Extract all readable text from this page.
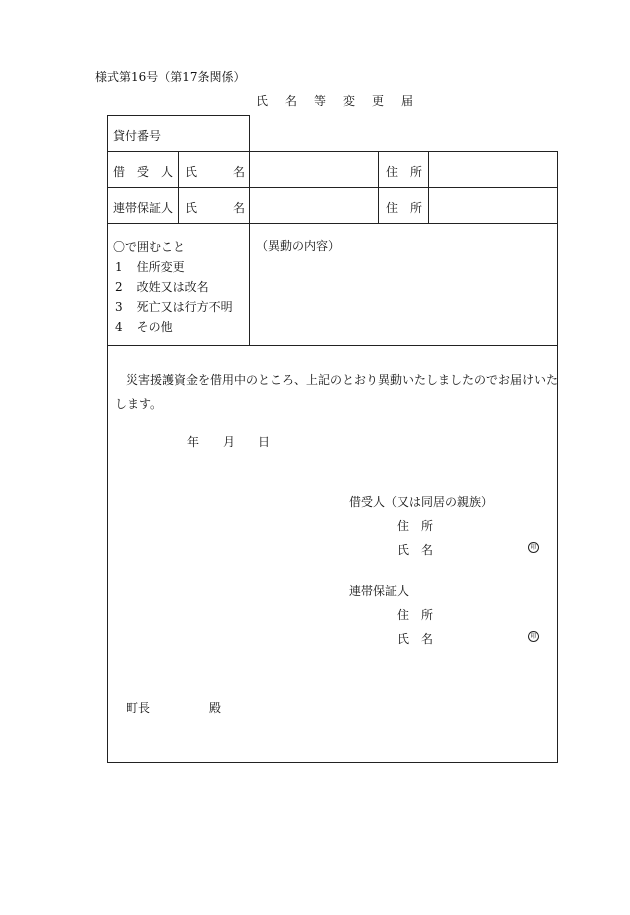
様式第16号（第17条関係）
氏 名 等 変 更 届
貸付番号
借　受　人 氏　　　名	住　所
連帯保証人 氏　　　名	住　所
〇で囲むこと
1 住所変更
2 改姓又は改名
3 死亡又は行方不明
4 その他
（異動の内容）
災害援護資金を借用中のところ、上記のとおり異動いたしましたのでお届けいた
します。
年 月 日
借受人（又は同居の親族）
住　所
氏　名	印
連帯保証人
住　所
氏　名	印
町長	殿
